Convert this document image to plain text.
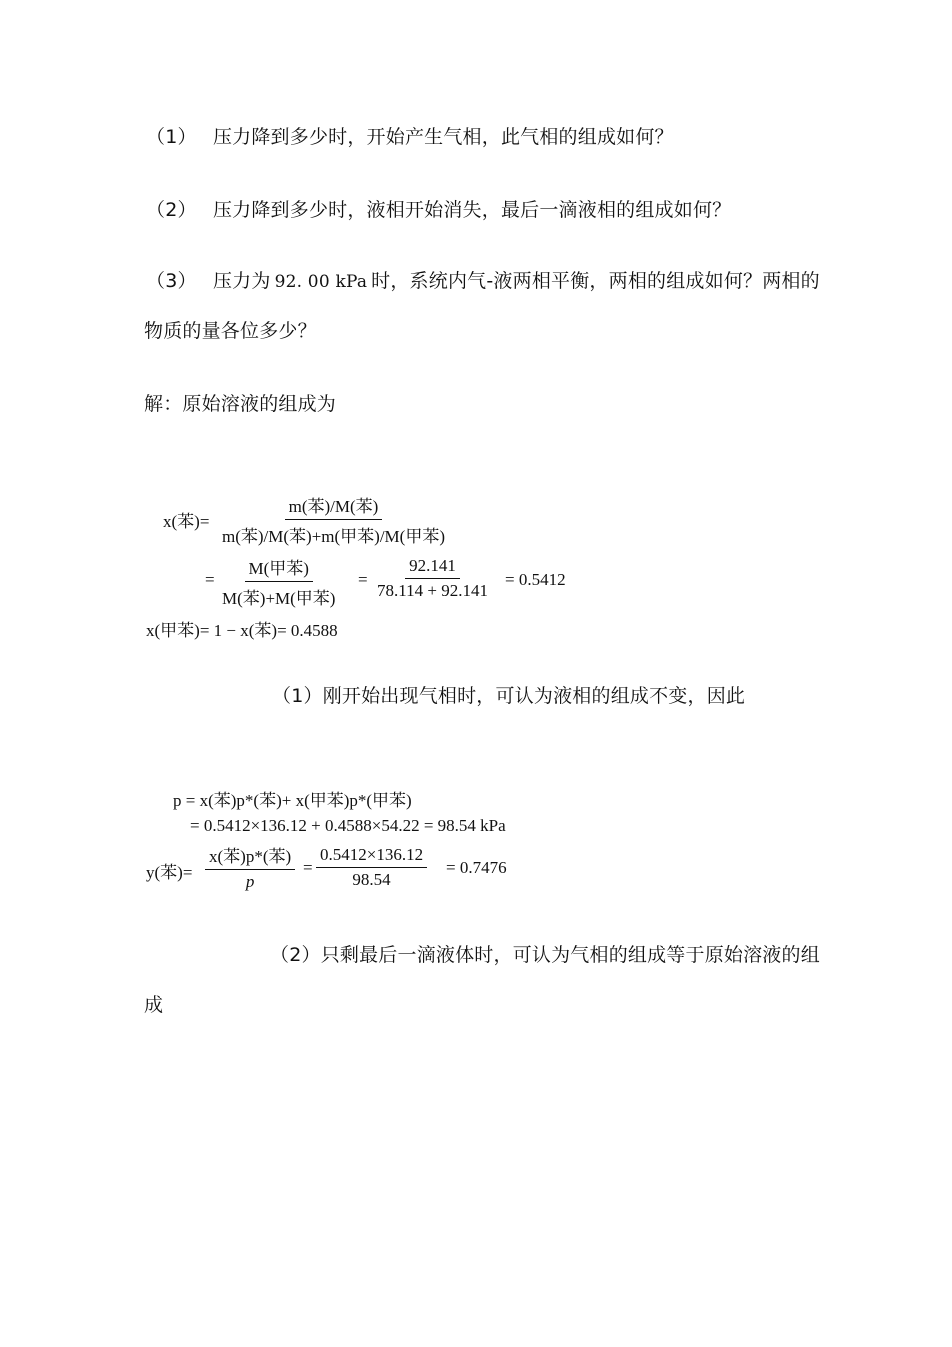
（1） 压力降到多少时，开始产生气相，此气相的组成如何？
（2） 压力降到多少时，液相开始消失，最后一滴液相的组成如何？
（3） 压力为 92. 00 kPa 时，系统内气-液两相平衡，两相的组成如何？两相的
物质的量各位多少？
解：原始溶液的组成为
x(苯)=
m(苯)/M(苯)
m(苯)/M(苯)+m(甲苯)/M(甲苯)
=
M(甲苯)
M(苯)+M(甲苯)
= $\frac{92.141}{78.114 + 92.141} = 0.5412$
x(甲苯)= 1 − x(苯)= 0.4588
（1）刚开始出现气相时，可认为液相的组成不变，因此
p = x(苯)p*(苯)+ x(甲苯)p*(甲苯)
= 0.5412×136.12 + 0.4588×54.22 = 98.54 kPa
y(苯)=
x(苯)p*(苯)
p
= $\frac{0.5412\times 136.12}{98.54} = 0.7476$
（2）只剩最后一滴液体时，可认为气相的组成等于原始溶液的组
成
